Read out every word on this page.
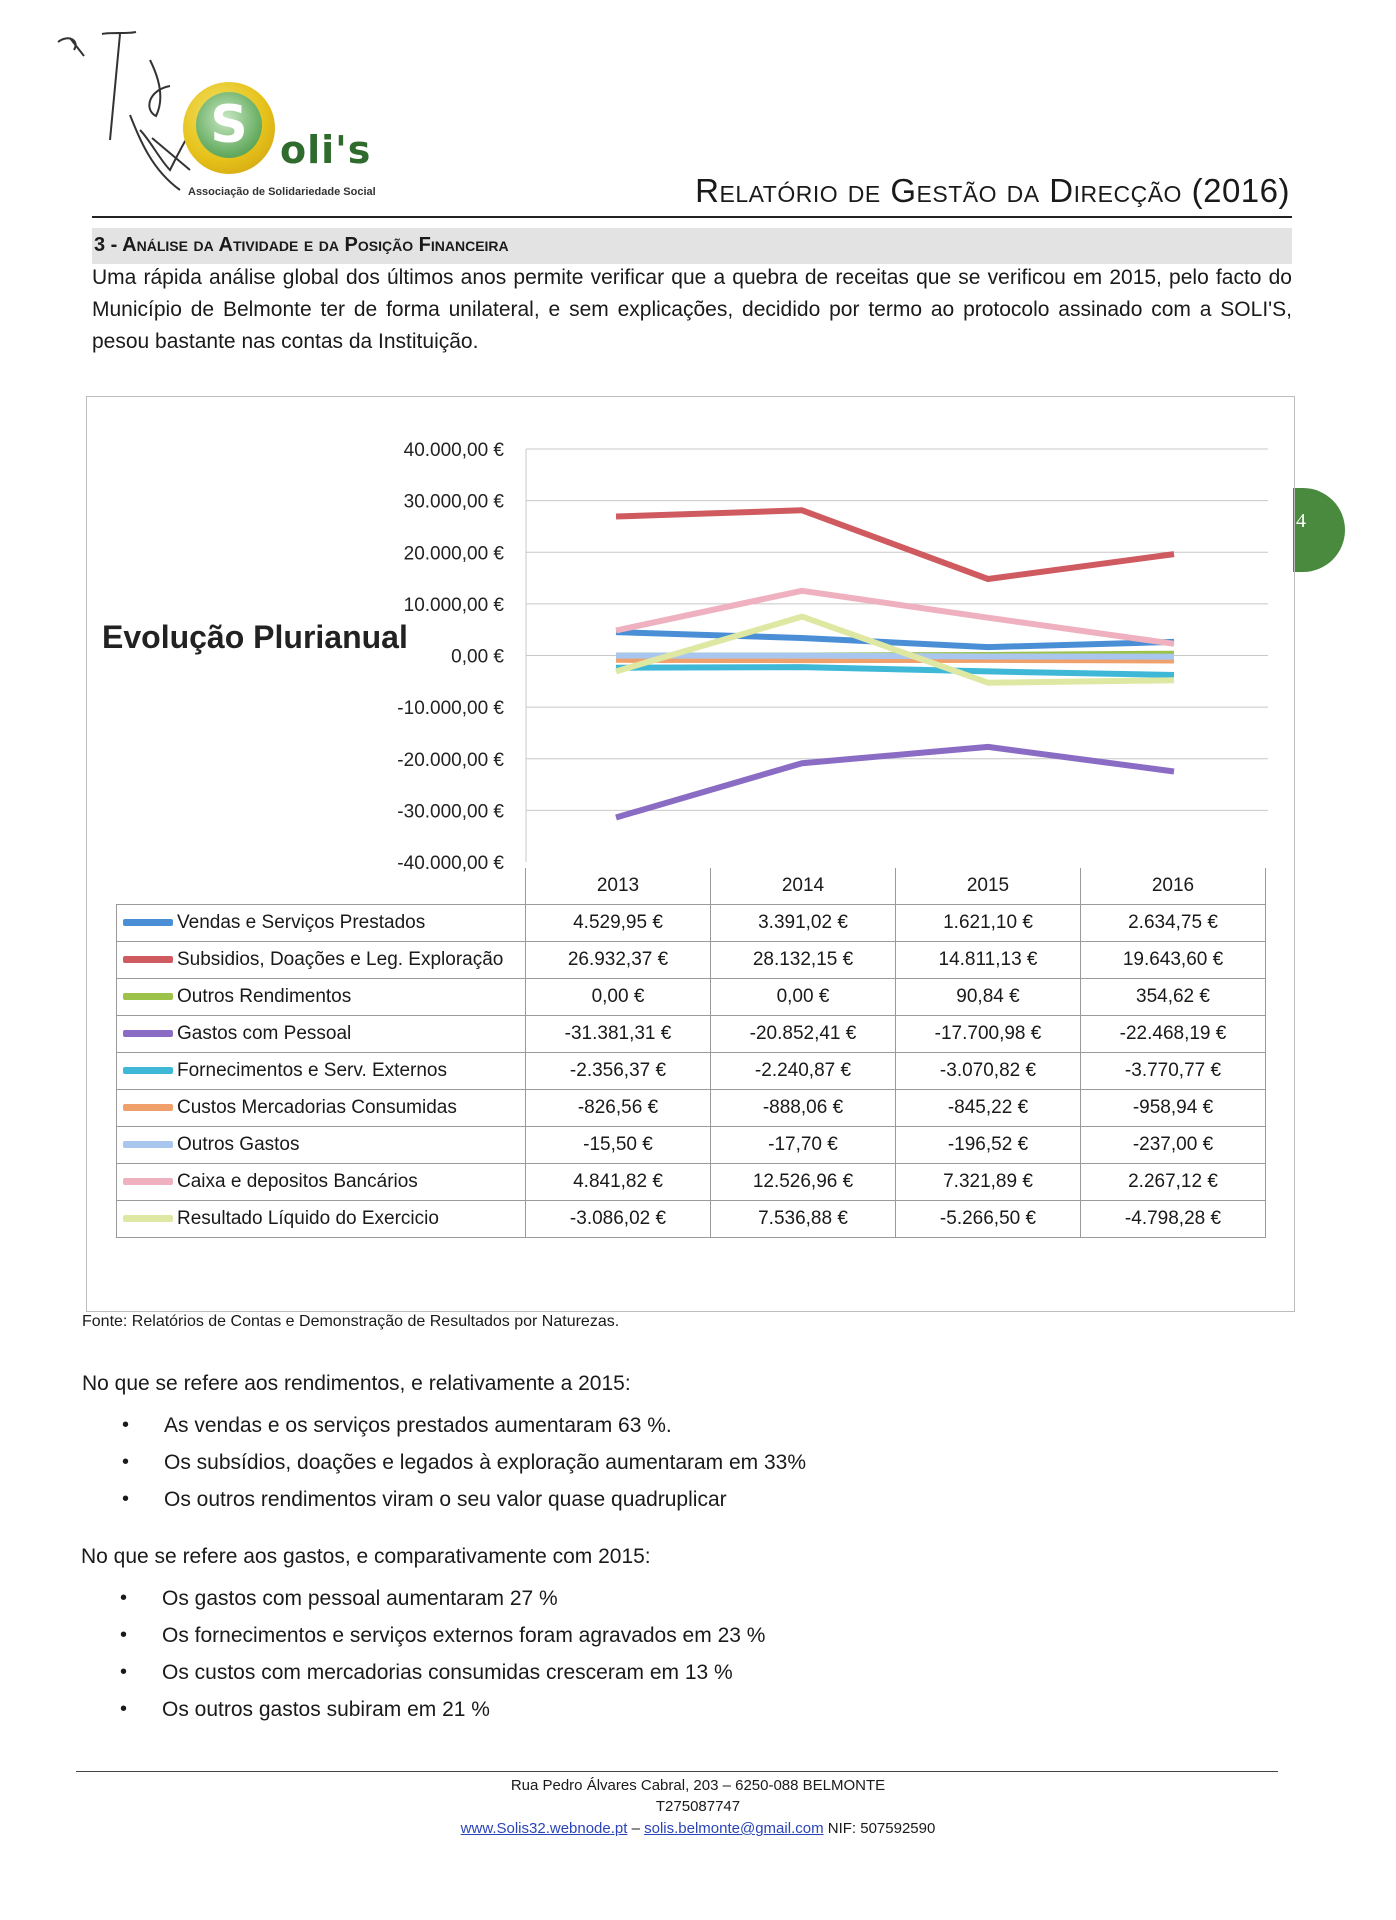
S oli's
Associação de Solidariedade Social	Relatório de Gestão da Direcção (2016)
4
3 - Análise da Atividade e da Posição Financeira
Uma rápida análise global dos últimos anos permite verificar que a quebra de receitas que se verificou em 2015, pelo facto do Município de Belmonte ter de forma unilateral, e sem explicações, decidido por termo ao protocolo assinado com a SOLI'S, pesou bastante nas contas da Instituição.
Evolução Plurianual
40.000,00 €
30.000,00 €
20.000,00 €
10.000,00 €
0,00 €
-10.000,00 €
-20.000,00 €
-30.000,00 €
-40.000,00 €
	2013	2014	2015	2016
Vendas e Serviços Prestados	4.529,95 €	3.391,02 €	1.621,10 €	2.634,75 €
Subsidios, Doações e Leg. Exploração	26.932,37 €	28.132,15 €	14.811,13 €	19.643,60 €
Outros Rendimentos	0,00 €	0,00 €	90,84 €	354,62 €
Gastos com Pessoal	-31.381,31 €	-20.852,41 €	-17.700,98 €	-22.468,19 €
Fornecimentos e Serv. Externos	-2.356,37 €	-2.240,87 €	-3.070,82 €	-3.770,77 €
Custos Mercadorias Consumidas	-826,56 €	-888,06 €	-845,22 €	-958,94 €
Outros Gastos	-15,50 €	-17,70 €	-196,52 €	-237,00 €
Caixa e depositos Bancários	4.841,82 €	12.526,96 €	7.321,89 €	2.267,12 €
Resultado Líquido do Exercicio	-3.086,02 €	7.536,88 €	-5.266,50 €	-4.798,28 €
Fonte: Relatórios de Contas e Demonstração de Resultados por Naturezas.
No que se refere aos rendimentos, e relativamente a 2015:
• As vendas e os serviços prestados aumentaram 63 %.
• Os subsídios, doações e legados à exploração aumentaram em 33%
• Os outros rendimentos viram o seu valor quase quadruplicar
No que se refere aos gastos, e comparativamente com 2015:
• Os gastos com pessoal aumentaram 27 %
• Os fornecimentos e serviços externos foram agravados em 23 %
• Os custos com mercadorias consumidas cresceram em 13 %
• Os outros gastos subiram em 21 %
Rua Pedro Álvares Cabral, 203 – 6250-088 BELMONTE
T275087747
www.Solis32.webnode.pt – solis.belmonte@gmail.com NIF: 507592590
